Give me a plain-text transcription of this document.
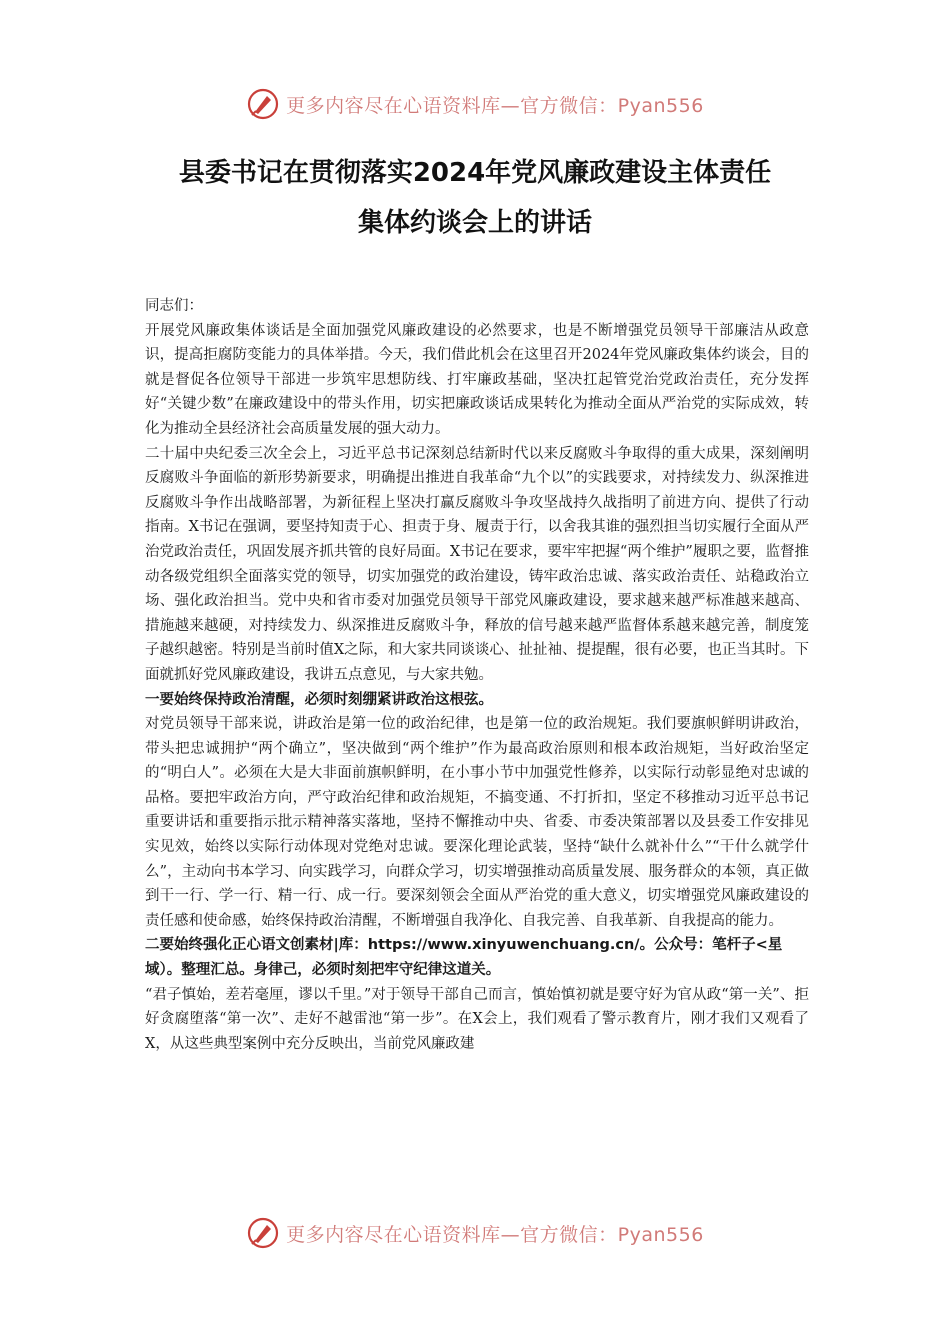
更多内容尽在心语资料库—官方微信：Pyan556
县委书记在贯彻落实2024年党风廉政建设主体责任
集体约谈会上的讲话

同志们：

开展党风廉政集体谈话是全面加强党风廉政建设的必然要求，也是不断增强党员领导干部廉洁从政意识，提高拒腐防变能力的具体举措。今天，我们借此机会在这里召开2024年党风廉政集体约谈会，目的就是督促各位领导干部进一步筑牢思想防线、打牢廉政基础，坚决扛起管党治党政治责任，充分发挥好“关键少数”在廉政建设中的带头作用，切实把廉政谈话成果转化为推动全面从严治党的实际成效，转化为推动全县经济社会高质量发展的强大动力。

二十届中央纪委三次全会上，习近平总书记深刻总结新时代以来反腐败斗争取得的重大成果，深刻阐明反腐败斗争面临的新形势新要求，明确提出推进自我革命“九个以”的实践要求，对持续发力、纵深推进反腐败斗争作出战略部署，为新征程上坚决打赢反腐败斗争攻坚战持久战指明了前进方向、提供了行动指南。X书记在强调，要坚持知责于心、担责于身、履责于行，以舍我其谁的强烈担当切实履行全面从严治党政治责任，巩固发展齐抓共管的良好局面。X书记在要求，要牢牢把握“两个维护”履职之要，监督推动各级党组织全面落实党的领导，切实加强党的政治建设，铸牢政治忠诚、落实政治责任、站稳政治立场、强化政治担当。党中央和省市委对加强党员领导干部党风廉政建设，要求越来越严标准越来越高、措施越来越硬，对持续发力、纵深推进反腐败斗争，释放的信号越来越严监督体系越来越完善，制度笼子越织越密。特别是当前时值X之际，和大家共同谈谈心、扯扯袖、提提醒，很有必要，也正当其时。下面就抓好党风廉政建设，我讲五点意见，与大家共勉。

一要始终保持政治清醒，必须时刻绷紧讲政治这根弦。

对党员领导干部来说，讲政治是第一位的政治纪律，也是第一位的政治规矩。我们要旗帜鲜明讲政治，带头把忠诚拥护“两个确立”，坚决做到“两个维护”作为最高政治原则和根本政治规矩，当好政治坚定的“明白人”。必须在大是大非面前旗帜鲜明，在小事小节中加强党性修养，以实际行动彰显绝对忠诚的品格。要把牢政治方向，严守政治纪律和政治规矩，不搞变通、不打折扣，坚定不移推动习近平总书记重要讲话和重要指示批示精神落实落地，坚持不懈推动中央、省委、市委决策部署以及县委工作安排见实见效，始终以实际行动体现对党绝对忠诚。要深化理论武装，坚持“缺什么就补什么”“干什么就学什么”，主动向书本学习、向实践学习，向群众学习，切实增强推动高质量发展、服务群众的本领，真正做到干一行、学一行、精一行、成一行。要深刻领会全面从严治党的重大意义，切实增强党风廉政建设的责任感和使命感，始终保持政治清醒，不断增强自我净化、自我完善、自我革新、自我提高的能力。

二要始终强化正心语文创素材|库：https://www.xinyuwenchuang.cn/。公众号：笔杆子<星域）。整理汇总。身律己，必须时刻把牢守纪律这道关。

“君子慎始，差若毫厘，谬以千里。”对于领导干部自己而言，慎始慎初就是要守好为官从政“第一关”、拒好贪腐堕落“第一次”、走好不越雷池“第一步”。在X会上，我们观看了警示教育片，刚才我们又观看了X，从这些典型案例中充分反映出，当前党风廉政建

更多内容尽在心语资料库—官方微信：Pyan556
